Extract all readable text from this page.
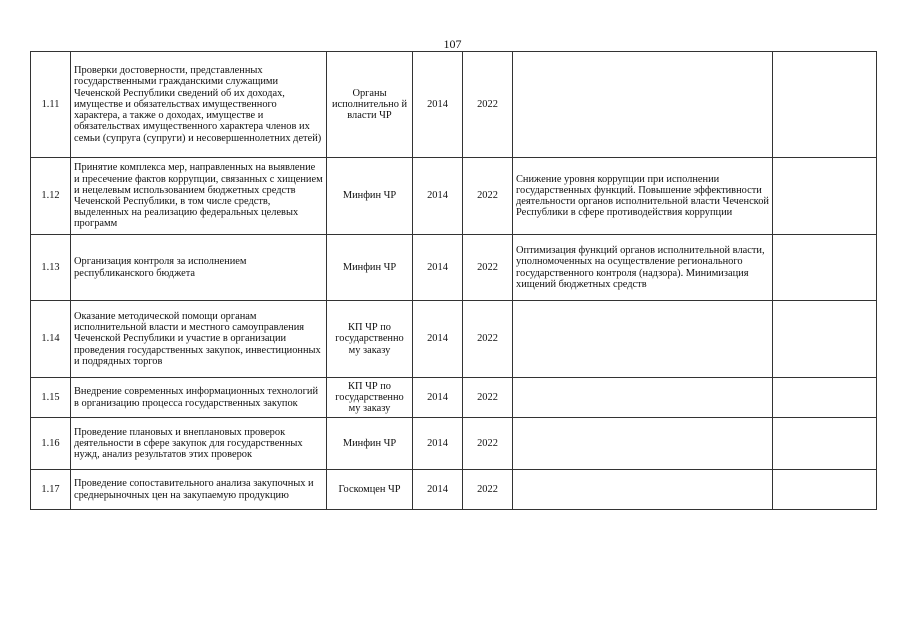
107
1.11	Проверки достоверности, представленных государственными гражданскими служащими Чеченской Республики сведений об их доходах, имуществе и обязательствах имущественного характера, а также о доходах, имуществе и обязательствах имущественного характера членов их семьи (супруга (супруги) и несовершеннолетних детей)	Органы исполнительно й власти ЧР	2014	2022		
1.12	Принятие комплекса мер, направленных на выявление и пресечение фактов коррупции, связанных с хищением и нецелевым использованием бюджетных средств Чеченской Республики, в том числе средств, выделенных на реализацию федеральных целевых программ	Минфин ЧР	2014	2022	Снижение уровня коррупции при исполнении государственных функций. Повышение эффективности деятельности органов исполнительной власти Чеченской Республики в сфере противодействия коррупции	
1.13	Организация контроля за исполнением республиканского бюджета	Минфин ЧР	2014	2022	Оптимизация функций органов исполнительной власти, уполномоченных на осуществление регионального государственного контроля (надзора). Минимизация хищений бюджетных средств	
1.14	Оказание методической помощи органам исполнительной власти и местного самоуправления Чеченской Республики и участие в организации проведения государственных закупок, инвестиционных и подрядных торгов	КП ЧР по государственно му заказу	2014	2022		
1.15	Внедрение современных информационных технологий в организацию процесса государственных закупок	КП ЧР по государственно му заказу	2014	2022		
1.16	Проведение плановых и внеплановых проверок деятельности в сфере закупок для государственных нужд, анализ результатов этих проверок	Минфин ЧР	2014	2022		
1.17	Проведение сопоставительного анализа закупочных и среднерыночных цен на закупаемую продукцию	Госкомцен ЧР	2014	2022		
